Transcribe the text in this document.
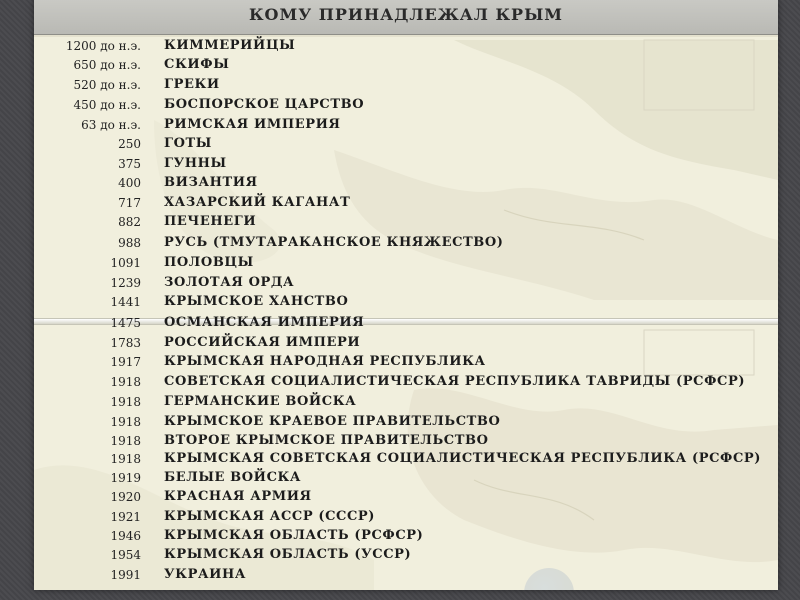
КОМУ ПРИНАДЛЕЖАЛ КРЫМ
1200 до н.э. КИММЕРИЙЦЫ
650 до н.э. СКИФЫ
520 до н.э. ГРЕКИ
450 до н.э. БОСПОРСКОЕ ЦАРСТВО
63 до н.э. РИМСКАЯ ИМПЕРИЯ
250 ГОТЫ
375 ГУННЫ
400 ВИЗАНТИЯ
717 ХАЗАРСКИЙ КАГАНАТ
882 ПЕЧЕНЕГИ
988 РУСЬ (ТМУТАРАКАНСКОЕ КНЯЖЕСТВО)
1091 ПОЛОВЦЫ
1239 ЗОЛОТАЯ ОРДА
1441 КРЫМСКОЕ ХАНСТВО
1475 ОСМАНСКАЯ ИМПЕРИЯ
1783 РОССИЙСКАЯ ИМПЕРИ
1917 КРЫМСКАЯ НАРОДНАЯ РЕСПУБЛИКА
1918 СОВЕТСКАЯ СОЦИАЛИСТИЧЕСКАЯ РЕСПУБЛИКА ТАВРИДЫ (РСФСР)
1918 ГЕРМАНСКИЕ ВОЙСКА
1918 КРЫМСКОЕ КРАЕВОЕ ПРАВИТЕЛЬСТВО
1918 ВТОРОЕ КРЫМСКОЕ ПРАВИТЕЛЬСТВО
1918 КРЫМСКАЯ СОВЕТСКАЯ СОЦИАЛИСТИЧЕСКАЯ РЕСПУБЛИКА (РСФСР)
1919 БЕЛЫЕ ВОЙСКА
1920 КРАСНАЯ АРМИЯ
1921 КРЫМСКАЯ АССР (СССР)
1946 КРЫМСКАЯ ОБЛАСТЬ (РСФСР)
1954 КРЫМСКАЯ ОБЛАСТЬ (УССР)
1991 УКРАИНА
